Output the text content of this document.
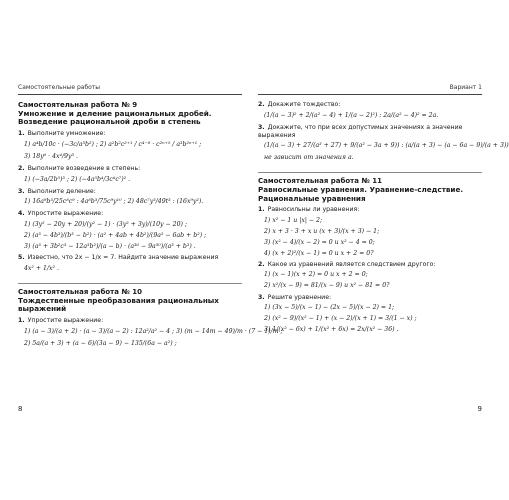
Самостоятельные работы
Самостоятельная работа № 9
Умножение и деление рациональных дробей. Возведение рациональной дроби в степень
1. Выполните умножение:
1) a⁴b/10c · (−3c/a³b²) ; 2) a²b²c²⁺¹ / c⁴⁻⁸ · c²ⁿ⁺⁵ / a³b²ⁿ⁺¹ ;
3) 18y⁶ · 4x⁴/9y³ .
2. Выполните возведение в степень:
1) (−3a/2b⁵)³ ; 2) (−4a⁵b⁴/3c⁶c⁷)² .
3. Выполните деление:
1) 16a⁹b³/25c⁸c⁹ : 4a⁸b³/75c⁹y¹⁰ ; 2) 48c⁷y³/49t³ : (16x⁹y²).
4. Упростите выражение:
1) (3y² − 20y + 20)/(y² − 1) · (3y² + 3y)/(10y − 20) ;
2) (a³ − 4b³)/(b³ − b²) · (a² + 4ab + 4b²)/(9a² − 6ab + b²) ;
3) (a³ + 3b²c³ − 12a³b²)/(a − b) · (a³⁶ − 9a³⁰)/(a³ + b³) .
5. Известно, что 2x − 1/x = 7. Найдите значение выражения
4x² + 1/x² .
Самостоятельная работа № 10
Тождественные преобразования рациональных выражений
1. Упростите выражение:
1) (a − 3)/(a + 2) · (a − 3)/(a − 2) : 12a²/a² − 4 ; 3) (m − 14m − 49)/m · (7 − 1)/m ;
2) 5a/(a + 3) + (a − 6)/(3a − 9) − 135/(6a − a²) ;
8
Вариант 1
2. Докажите тождество:
(1/(a − 3)² + 2/(a² − 4) + 1/(a − 2)²) : 2a/(a² − 4)² = 2a.
3. Докажите, что при всех допустимых значениях a значение выражения
(1/(a − 3) + 27/(a³ + 27) + 9/(a² − 3a + 9)) : (a/(a + 3) − (a − 6a − 9)/(a + 3))
не зависит от значения a.
Самостоятельная работа № 11
Равносильные уравнения. Уравнение-следствие. Рациональные уравнения
1. Равносильны ли уравнения:
1) x² − 1 и |x| − 2;
2) x + 3 · 3 + x и (x + 3)/(x + 3) − 1;
3) (x² − 4)/(x − 2) = 0 и x² − 4 = 0;
4) (x + 2)²/(x − 1) = 0 и x + 2 = 0?
2. Какое из уравнений является следствием другого:
1) (x − 1)(x + 2) = 0 и x + 2 = 0;
2) x²/(x − 9) = 81/(x − 9) и x² − 81 = 0?
3. Решите уравнение:
1) (3x − 5)/(x − 1) − (2x − 5)/(x − 2) = 1;
2) (x² − 9)/(x² − 1) + (x − 2)/(x + 1) = 3/(1 − x) ;
3) 1/(x² − 6x) + 1/(x² + 6x) = 2x/(x² − 36) .
9
